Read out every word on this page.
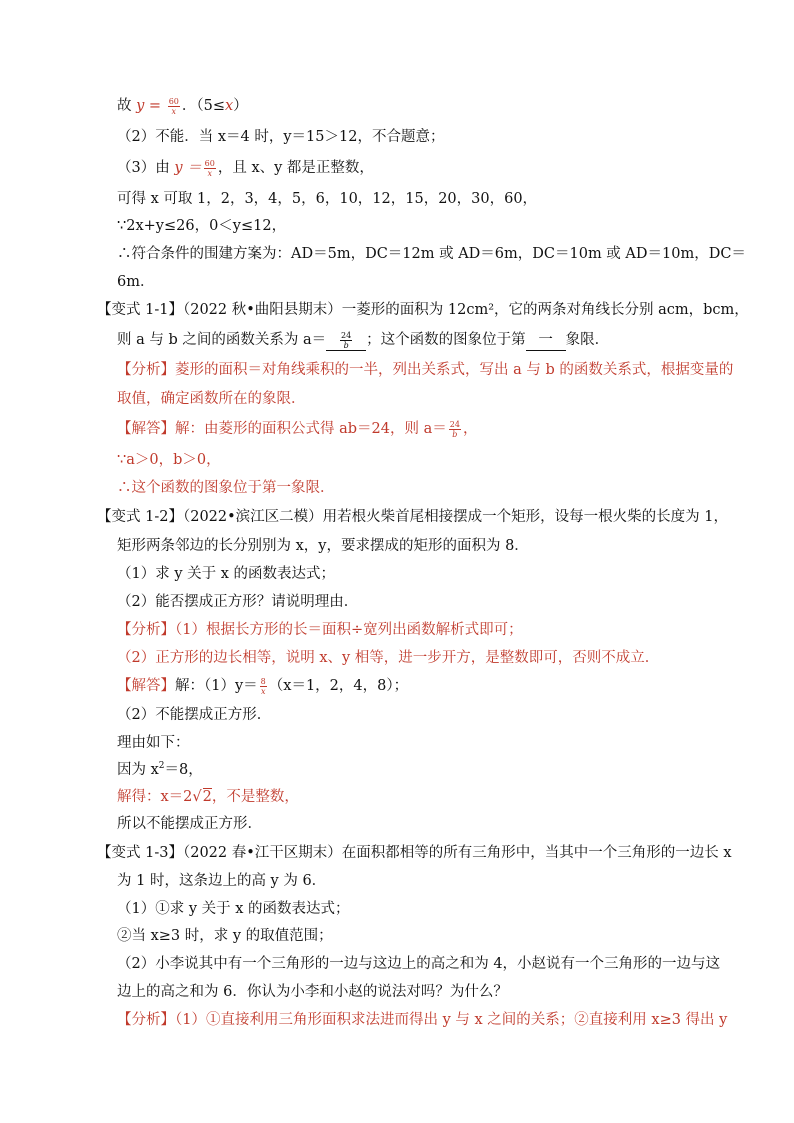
故 $y = \frac{60}{x}$ ．（5≤x）
（2）不能．当 x＝4 时，y＝15＞12，不合题意；
（3）由 $y = \frac{60}{x}$ ，且 x、y 都是正整数，
可得 x 可取 1，2，3，4，5，6，10，12，15，20，30，60，
∵2x+y≤26，0＜y≤12，
∴符合条件的围建方案为：AD＝5m，DC＝12m 或 AD＝6m，DC＝10m 或 AD＝10m，DC＝
6m．
【变式 1-1】（2022 秋•曲阳县期末）一菱形的面积为 12cm²，它的两条对角线长分别 acm，bcm，
则 a 与 b 之间的函数关系为 $a= \frac{24}{b}$ ；这个函数的图象位于第 一 象限．
【分析】菱形的面积＝对角线乘积的一半，列出关系式，写出 a 与 b 的函数关系式，根据变量的
取值，确定函数所在的象限．
【解答】解：由菱形的面积公式得 ab＝24，则 $a= \frac{24}{b}$ ，
∵a＞0，b＞0，
∴这个函数的图象位于第一象限．
【变式 1-2】（2022•滨江区二模）用若根火柴首尾相接摆成一个矩形，设每一根火柴的长度为 1，
矩形两条邻边的长分别别为 x，y，要求摆成的矩形的面积为 8．
（1）求 y 关于 x 的函数表达式；
（2）能否摆成正方形？请说明理由．
【分析】（1）根据长方形的长＝面积÷宽列出函数解析式即可；
（2）正方形的边长相等，说明 x、y 相等，进一步开方，是整数即可，否则不成立．
【解答】解：$(1)y= \frac{8}{x} (x=1$，2，4，8）；
（2）不能摆成正方形．
理由如下：
因为 $x^2=8$，
解得：x＝2√2，不是整数，
所以不能摆成正方形．
【变式 1-3】（2022 春•江干区期末）在面积都相等的所有三角形中，当其中一个三角形的一边长 x
为 1 时，这条边上的高 y 为 6．
（1）①求 y 关于 x 的函数表达式；
②当 x≥3 时，求 y 的取值范围；
（2）小李说其中有一个三角形的一边与这边上的高之和为 4，小赵说有一个三角形的一边与这
边上的高之和为 6．你认为小李和小赵的说法对吗？为什么？
【分析】（1）①直接利用三角形面积求法进而得出 y 与 x 之间的关系；②直接利用 x≥3 得出 y
